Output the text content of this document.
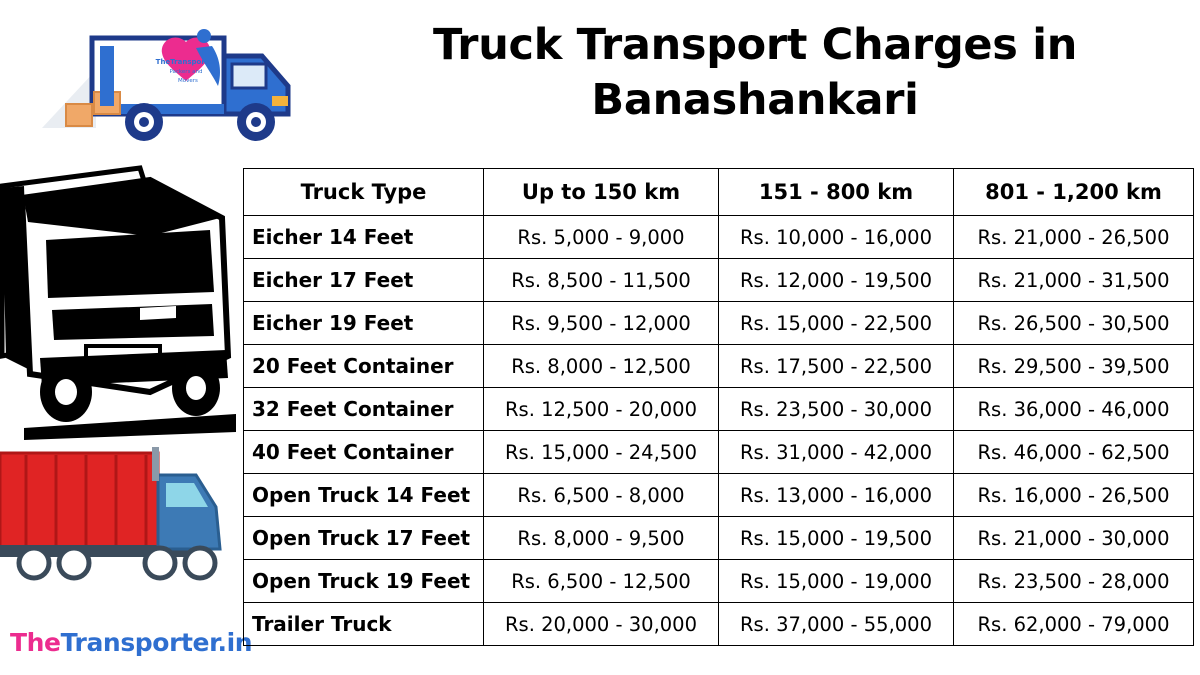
TheTransporter
Packers and
Movers
Truck Transport Charges in
Banashankari
TheTransporter.in
Truck Type	Up to 150 km	151 - 800 km	801 - 1,200 km
Eicher 14 Feet	Rs. 5,000 - 9,000	Rs. 10,000 - 16,000	Rs. 21,000 - 26,500
Eicher 17 Feet	Rs. 8,500 - 11,500	Rs. 12,000 - 19,500	Rs. 21,000 - 31,500
Eicher 19 Feet	Rs. 9,500 - 12,000	Rs. 15,000 - 22,500	Rs. 26,500 - 30,500
20 Feet Container	Rs. 8,000 - 12,500	Rs. 17,500 - 22,500	Rs. 29,500 - 39,500
32 Feet Container	Rs. 12,500 - 20,000	Rs. 23,500 - 30,000	Rs. 36,000 - 46,000
40 Feet Container	Rs. 15,000 - 24,500	Rs. 31,000 - 42,000	Rs. 46,000 - 62,500
Open Truck 14 Feet	Rs. 6,500 - 8,000	Rs. 13,000 - 16,000	Rs. 16,000 - 26,500
Open Truck 17 Feet	Rs. 8,000 - 9,500	Rs. 15,000 - 19,500	Rs. 21,000 - 30,000
Open Truck 19 Feet	Rs. 6,500 - 12,500	Rs. 15,000 - 19,000	Rs. 23,500 - 28,000
Trailer Truck	Rs. 20,000 - 30,000	Rs. 37,000 - 55,000	Rs. 62,000 - 79,000
